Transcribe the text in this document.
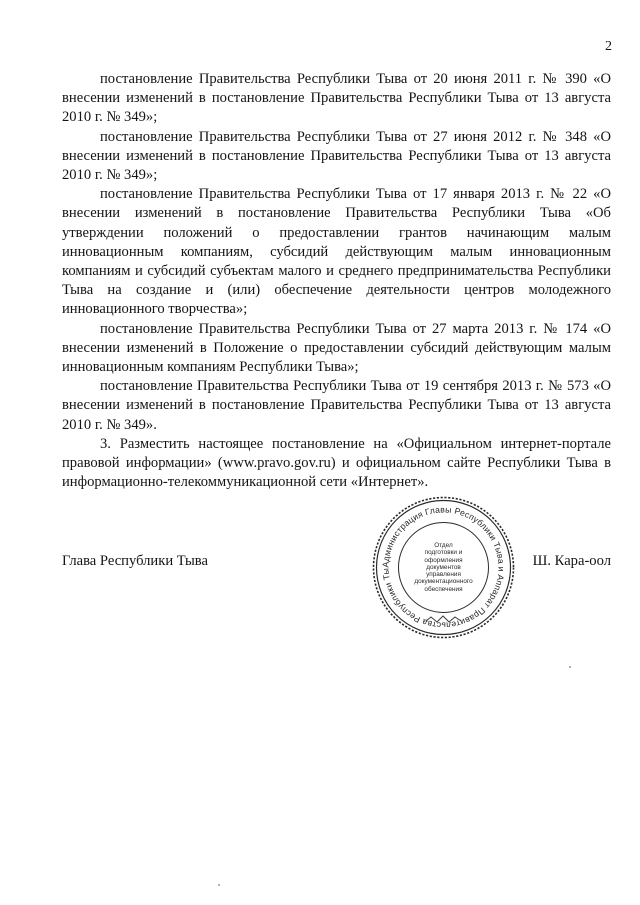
2

постановление Правительства Республики Тыва от 20 июня 2011 г. № 390 «О внесении изменений в постановление Правительства Республики Тыва от 13 августа 2010 г. № 349»;

постановление Правительства Республики Тыва от 27 июня 2012 г. № 348 «О внесении изменений в постановление Правительства Республики Тыва от 13 августа 2010 г. № 349»;

постановление Правительства Республики Тыва от 17 января 2013 г. № 22 «О внесении изменений в постановление Правительства Республики Тыва «Об утверждении положений о предоставлении грантов начинающим малым инновационным компаниям, субсидий действующим малым инновационным компаниям и субсидий субъектам малого и среднего предпринимательства Республики Тыва на создание и (или) обеспечение деятельности центров молодежного инновационного творчества»;

постановление Правительства Республики Тыва от 27 марта 2013 г. № 174 «О внесении изменений в Положение о предоставлении субсидий действующим малым инновационным компаниям Республики Тыва»;

постановление Правительства Республики Тыва от 19 сентября 2013 г. № 573 «О внесении изменений в постановление Правительства Республики Тыва от 13 августа 2010 г. № 349».

3. Разместить настоящее постановление на «Официальном интернет-портале правовой информации» (www.pravo.gov.ru) и официальном сайте Республики Тыва в информационно-телекоммуникационной сети «Интернет».

Глава Республики Тыва	Ш. Кара-оол
Администрация Главы Республики Тыва и Аппарат Правительства Республики Ты
Отдел
подготовки и
оформления документов
управления
документационного
обеспечения
